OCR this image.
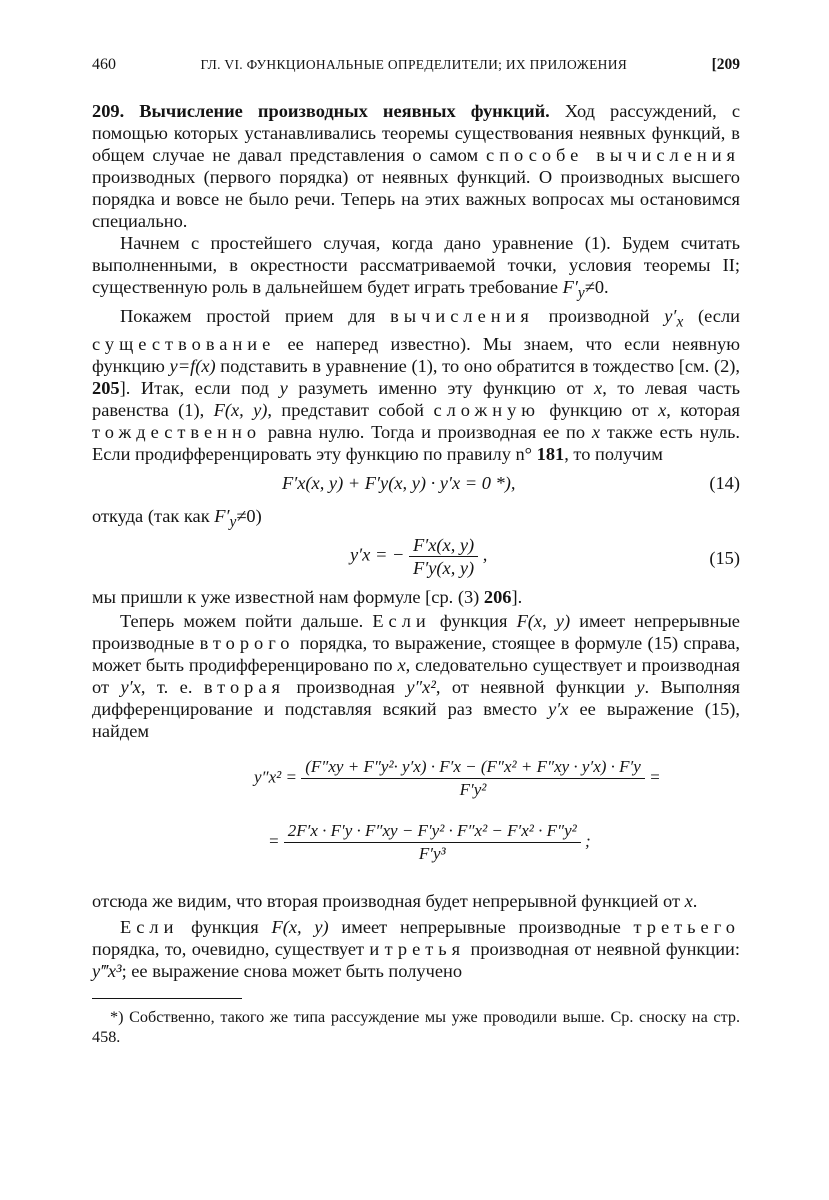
460	ГЛ. VI. ФУНКЦИОНАЛЬНЫЕ ОПРЕДЕЛИТЕЛИ; ИХ ПРИЛОЖЕНИЯ	[209

209. Вычисление производных неявных функций. Ход рассуждений, с помощью которых устанавливались теоремы существования неявных функций, в общем случае не давал представления о самом способе вычисления производных (первого порядка) от неявных функций. О производных высшего порядка и вовсе не было речи. Теперь на этих важных вопросах мы остановимся специально.

Начнем с простейшего случая, когда дано уравнение (1). Будем считать выполненными, в окрестности рассматриваемой точки, условия теоремы II; существенную роль в дальнейшем будет играть требование $F'_y\ne 0$.

Покажем простой прием для вычисления производной $y'_x$ (если существование ее наперед известно). Мы знаем, что если неявную функцию y=f(x) подставить в уравнение (1), то оно обратится в тождество [см. (2), 205]. Итак, если под y разуметь именно эту функцию от x, то левая часть равенства (1), F(x, y), представит собой сложную функцию от x, которая тождественно равна нулю. Тогда и производная ее по x также есть нуль. Если продифференцировать эту функцию по правилу n° 181, то получим

F′x(x, y) + F′y(x, y) · y′x = 0 *),	(14)

откуда (так как $F'_y\ne 0$)

y′x = − $\frac{F'x(x, y)}{F'y(x, y)}$ ,	(15)

мы пришли к уже известной нам формуле [ср. (3) 206].

Теперь можем пойти дальше. Если функция F(x, y) имеет непрерывные производные второго порядка, то выражение, стоящее в формуле (15) справа, может быть продифференцировано по x, следовательно существует и производная от y′x, т. е. вторая производная y″x², от неявной функции y. Выполняя дифференцирование и подставляя всякий раз вместо y′x ее выражение (15), найдем

$y''x^2 = \frac{\text{(F″xy + F″y²· y′x) · F′x − (F″x² + F″xy · y′x) · F′y}}{\text{F′y²}}$ =
= $\frac{\text{2F′x · F′y · F″xy − F′y² · F″x² − F′x² · F″y²}}{\text{F′y³}}$ ;

отсюда же видим, что вторая производная будет непрерывной функцией от x.

Если функция F(x, y) имеет непрерывные производные третьего порядка, то, очевидно, существует и третья производная от неявной функции: y‴x³; ее выражение снова может быть получено

*) Собственно, такого же типа рассуждение мы уже проводили выше. Ср. сноску на стр. 458.
